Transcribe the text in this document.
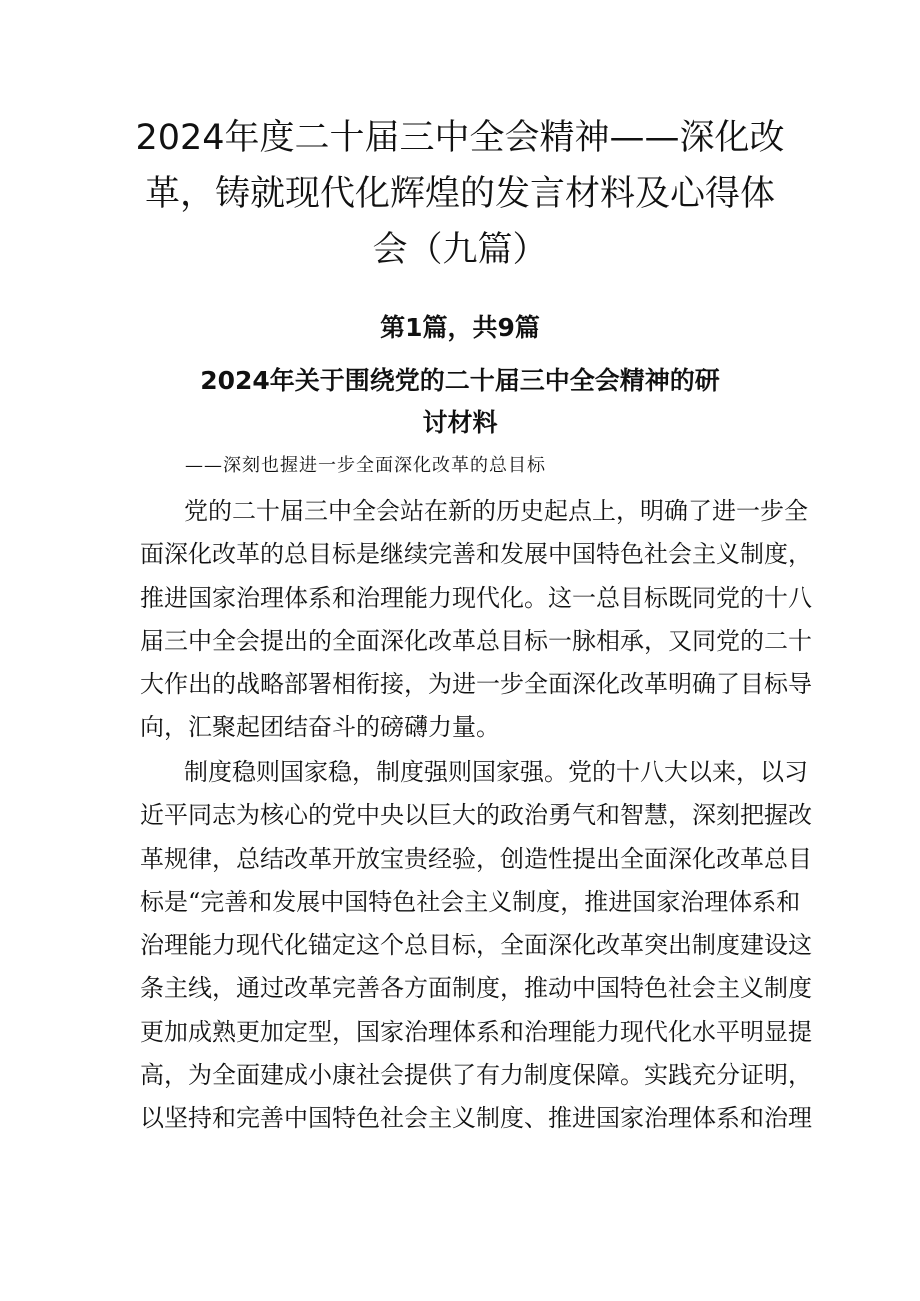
2024年度二十届三中全会精神——深化改
革，铸就现代化辉煌的发言材料及心得体
会（九篇）
第1篇，共9篇
2024年关于围绕党的二十届三中全会精神的研
讨材料
——深刻也握进一步全面深化改革的总目标
党的二十届三中全会站在新的历史起点上，明确了进一步全
面深化改革的总目标是继续完善和发展中国特色社会主义制度，
推进国家治理体系和治理能力现代化。这一总目标既同党的十八
届三中全会提出的全面深化改革总目标一脉相承，又同党的二十
大作出的战略部署相衔接，为进一步全面深化改革明确了目标导
向，汇聚起团结奋斗的磅礴力量。
制度稳则国家稳，制度强则国家强。党的十八大以来，以习
近平同志为核心的党中央以巨大的政治勇气和智慧，深刻把握改
革规律，总结改革开放宝贵经验，创造性提出全面深化改革总目
标是“完善和发展中国特色社会主义制度，推进国家治理体系和
治理能力现代化锚定这个总目标，全面深化改革突出制度建设这
条主线，通过改革完善各方面制度，推动中国特色社会主义制度
更加成熟更加定型，国家治理体系和治理能力现代化水平明显提
高，为全面建成小康社会提供了有力制度保障。实践充分证明，
以坚持和完善中国特色社会主义制度、推进国家治理体系和治理
